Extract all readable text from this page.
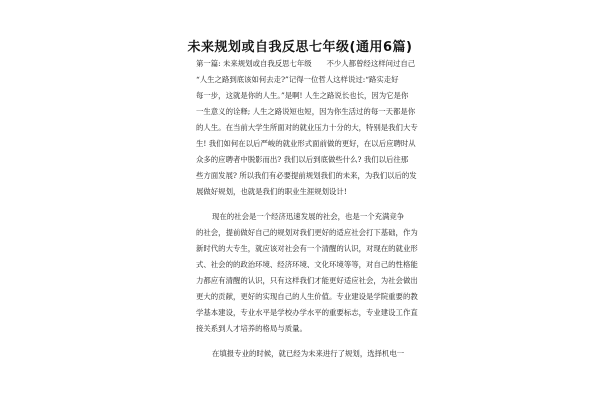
未来规划或自我反思七年级(通用6篇)
第一篇: 未来规划或自我反思七年级　　不少人都曾经这样问过自己
“人生之路到底该如何去走?”记得一位哲人这样说过:“路实走好
每一步，这就是你的人生。”是啊! 人生之路说长也长，因为它是你
一生意义的诠释; 人生之路说短也短，因为你生活过的每一天都是你
的人生。在当前大学生所面对的就业压力十分的大，特别是我们大专
生! 我们如何在以后严峻的就业形式面前做的更好，在以后应聘时从
众多的应聘者中脱影而出? 我们以后到底做些什么? 我们以后往那
些方面发展? 所以我们有必要提前规划我们的未来，为我们以后的发
展做好规划，也就是我们的职业生涯规划设计!
现在的社会是一个经济迅速发展的社会，也是一个充满竞争
的社会，提前做好自己的规划对我们更好的适应社会打下基础，作为
新时代的大专生，就应该对社会有一个清醒的认识，对现在的就业形
式、社会的的政治环境、经济环境、文化环境等等，对自己的性格能
力都应有清醒的认识，只有这样我们才能更好适应社会，为社会做出
更大的贡献，更好的实现自己的人生价值。专业建设是学院重要的教
学基本建设，专业水平是学校办学水平的重要标志，专业建设工作直
接关系到人才培养的格局与质量。
在填报专业的时候，就已经为未来进行了规划，选择机电一
